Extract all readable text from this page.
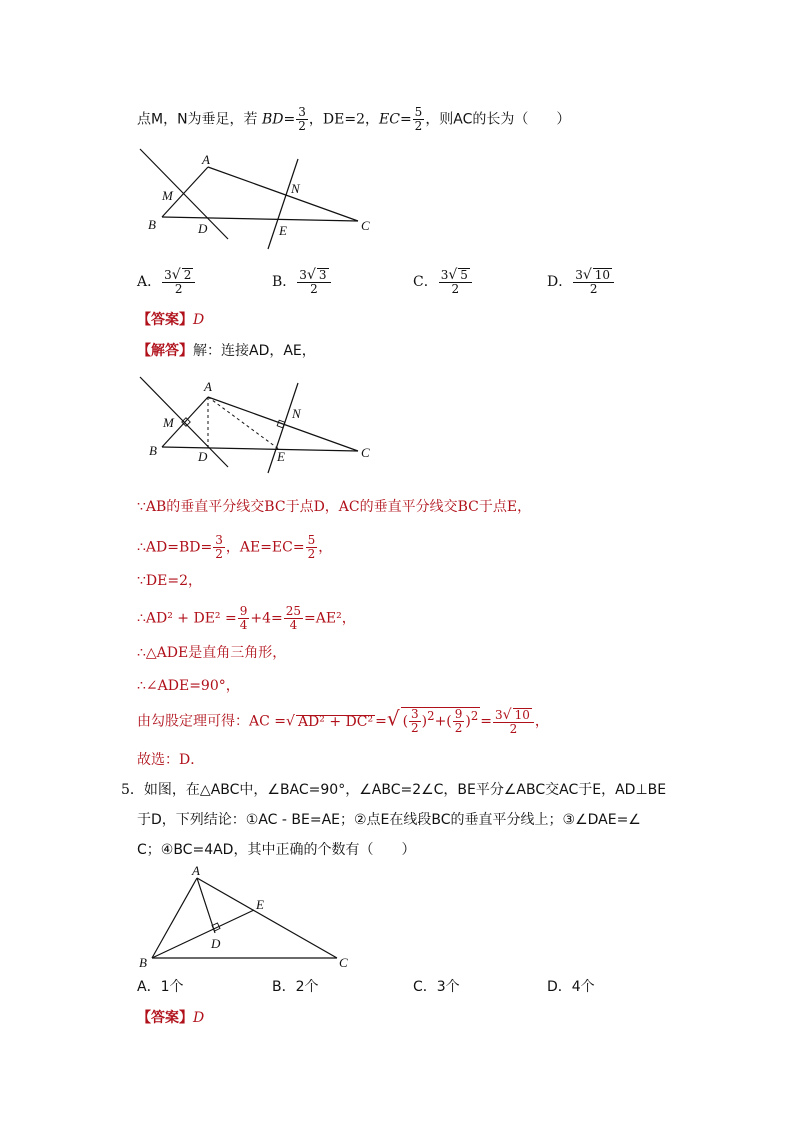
点M，N为垂足，若 $BD= \frac{3}{2}$ ，DE=2，$EC= \frac{5}{2}$ ，则AC的长为（　　）
A
M	N
B	D	E	C
A． $\frac{3√ 2}{2}$	B． $\frac{3√ 3}{2}$	C． $\frac{3√ 5}{2}$	D． $\frac{3√ 10}{2}$
【答案】D
【解答】解：连接AD，AE，
A
M
N
B	D	E	C
∵AB的垂直平分线交BC于点D，AC的垂直平分线交BC于点E，
∴AD=BD= $\frac{3}{2}$ ，$AE=EC= \frac{5}{2}$ ，
∵DE=2，
∴AD² + $DE^2 = \frac{9}{4} +4= \frac{25}{4} =AE^2$，
∴△ADE是直角三角形，
∴∠ADE=90°，
由勾股定理可得：AC =√ AD² + DC² =√ ( $\frac{3}{2} )^2+( \frac{9}{2} )^2 = \frac{3√ 10}{2}$ ，
故选：D．
5．如图，在△ABC中，∠BAC=90°，∠ABC=2∠C，BE平分∠ABC交AC于E，AD⊥BE
于D，下列结论：①AC - BE=AE；②点E在线段BC的垂直平分线上；③∠DAE=∠
C；④BC=4AD，其中正确的个数有（　　）
A
E
D
B	C
A．1个	B．2个	C．3个	D．4个
【答案】D
